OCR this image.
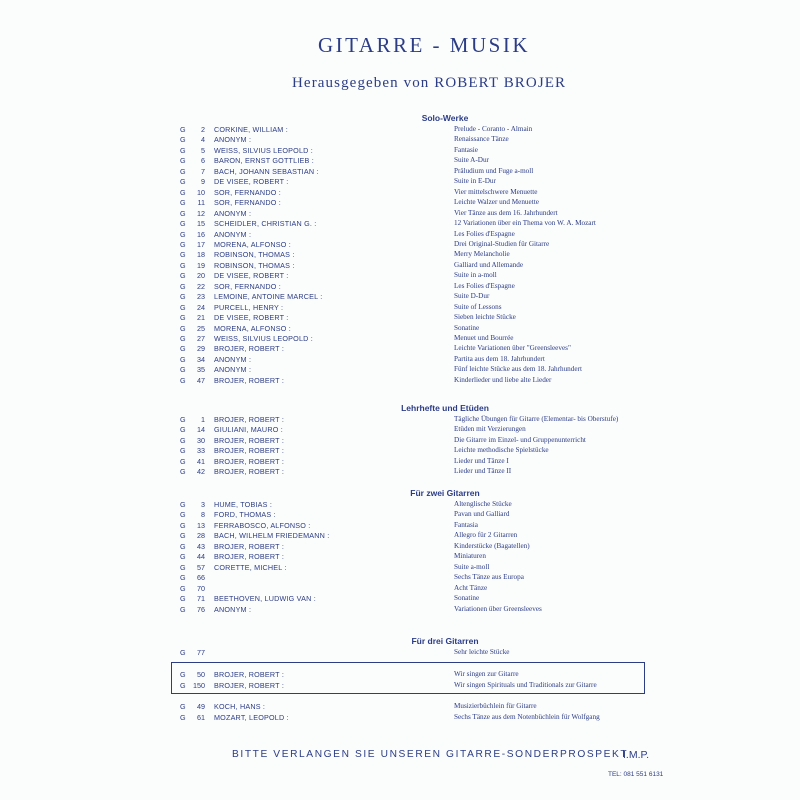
GITARRE - MUSIK
Herausgegeben von ROBERT BROJER
Solo-Werke
G	2 CORKINE, WILLIAM :	Prelude - Coranto - Almain
G	4 ANONYM :	Renaissance Tänze
G	5 WEISS, SILVIUS LEOPOLD :	Fantasie
G	6 BARON, ERNST GOTTLIEB :	Suite A-Dur
G	7 BACH, JOHANN SEBASTIAN :	Präludium und Fuge a-moll
G	9 DE VISEE, ROBERT :	Suite in E-Dur
G	10 SOR, FERNANDO :	Vier mittelschwere Menuette
G	11 SOR, FERNANDO :	Leichte Walzer und Menuette
G	12 ANONYM :	Vier Tänze aus dem 16. Jahrhundert
G	15 SCHEIDLER, CHRISTIAN G. :	12 Variationen über ein Thema von W. A. Mozart
G	16 ANONYM :	Les Folies d'Espagne
G	17 MORENA, ALFONSO :	Drei Original-Studien für Gitarre
G	18 ROBINSON, THOMAS :	Merry Melancholie
G	19 ROBINSON, THOMAS :	Galliard und Allemande
G	20 DE VISEE, ROBERT :	Suite in a-moll
G	22 SOR, FERNANDO :	Les Folies d'Espagne
G	23 LEMOINE, ANTOINE MARCEL :	Suite D-Dur
G	24 PURCELL, HENRY :	Suite of Lessons
G	21 DE VISEE, ROBERT :	Sieben leichte Stücke
G	25 MORENA, ALFONSO :	Sonatine
G	27 WEISS, SILVIUS LEOPOLD :	Menuet und Bourrée
G	29 BROJER, ROBERT :	Leichte Variationen über "Greensleeves"
G	34 ANONYM :	Partita aus dem 18. Jahrhundert
G	35 ANONYM :	Fünf leichte Stücke aus dem 18. Jahrhundert
G	47 BROJER, ROBERT :	Kinderlieder und liebe alte Lieder
Lehrhefte und Etüden
G	1 BROJER, ROBERT :	Tägliche Übungen für Gitarre (Elementar- bis Oberstufe)
G	14 GIULIANI, MAURO :	Etüden mit Verzierungen
G	30 BROJER, ROBERT :	Die Gitarre im Einzel- und Gruppenunterricht
G	33 BROJER, ROBERT :	Leichte methodische Spielstücke
G	41 BROJER, ROBERT :	Lieder und Tänze I
G	42 BROJER, ROBERT :	Lieder und Tänze II
Für zwei Gitarren
G	3 HUME, TOBIAS :	Altenglische Stücke
G	8 FORD, THOMAS :	Pavan und Galliard
G	13 FERRABOSCO, ALFONSO :	Fantasia
G	28 BACH, WILHELM FRIEDEMANN :	Allegro für 2 Gitarren
G	43 BROJER, ROBERT :	Kinderstücke (Bagatellen)
G	44 BROJER, ROBERT :	Miniaturen
G	57 CORETTE, MICHEL :	Suite a-moll
G	66	Sechs Tänze aus Europa
G	70	Acht Tänze
G	71 BEETHOVEN, LUDWIG VAN :	Sonatine
G	76 ANONYM :	Variationen über Greensleeves
Für drei Gitarren
G	77	Sehr leichte Stücke
G	50 BROJER, ROBERT :	Wir singen zur Gitarre
G	150 BROJER, ROBERT :	Wir singen Spirituals und Traditionals zur Gitarre
G	49 KOCH, HANS :	Musizierbüchlein für Gitarre
G	61 MOZART, LEOPOLD :	Sechs Tänze aus dem Notenbüchlein für Wolfgang
BITTE VERLANGEN SIE UNSEREN GITARRE-SONDERPROSPEKT
I.M.P.
TEL: 081 551 6131
